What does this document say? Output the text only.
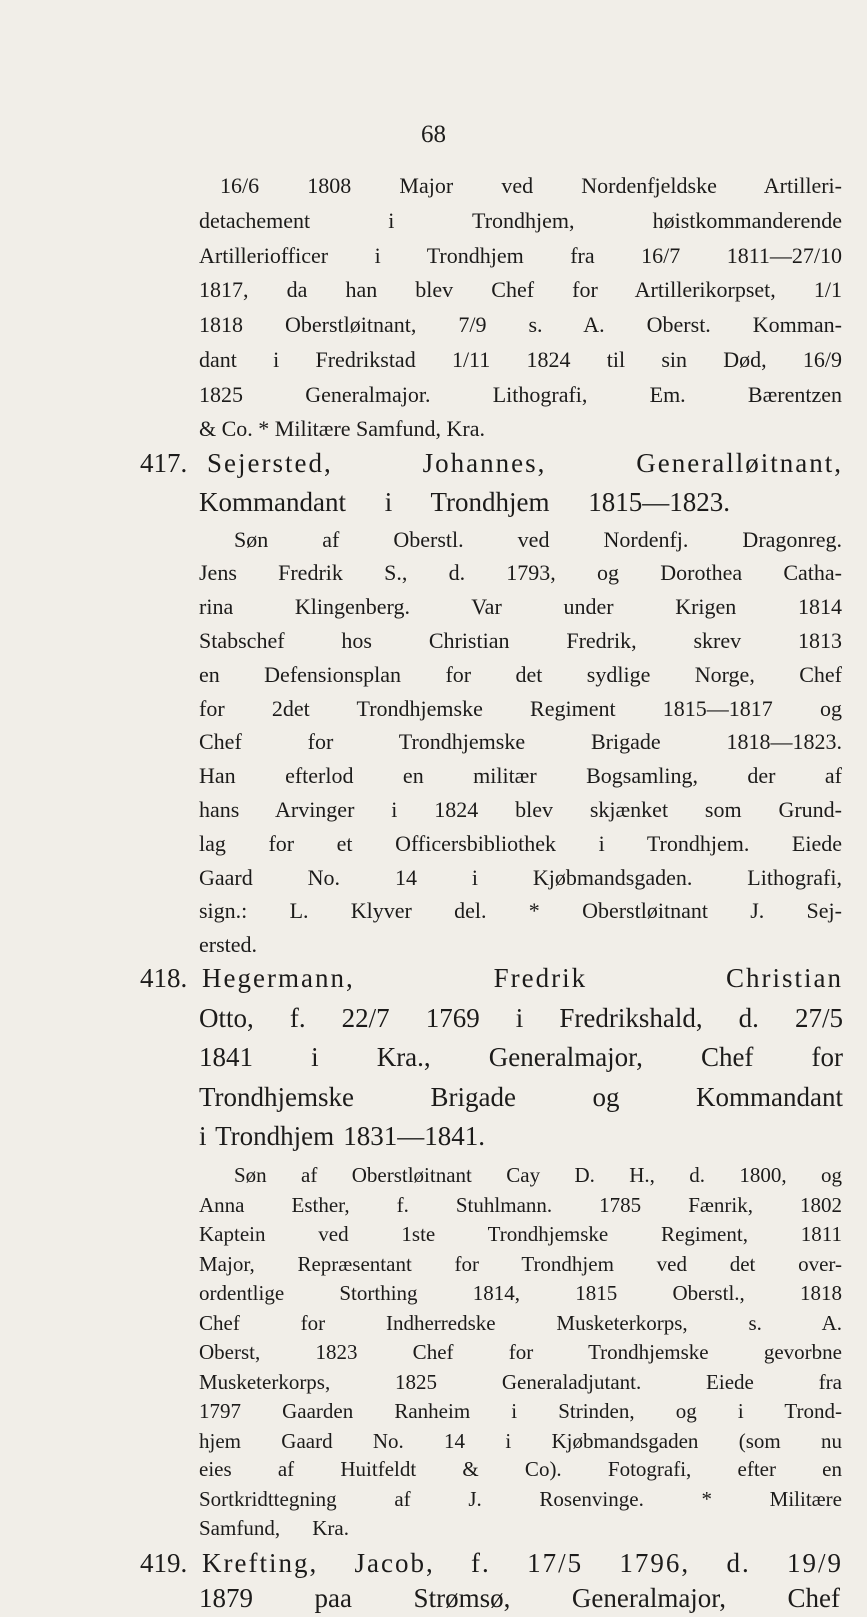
68

16/6 1808 Major ved Nordenfjeldske Artilleri-

detachement i Trondhjem, høistkommanderende

Artilleriofficer i Trondhjem fra 16/7 1811—27/10

1817, da han blev Chef for Artillerikorpset, 1/1

1818 Oberstløitnant, 7/9 s. A. Oberst. Komman-

dant i Fredrikstad 1/11 1824 til sin Død, 16/9

1825 Generalmajor. Lithografi, Em. Bærentzen

& Co. * Militære Samfund, Kra.

417. Sejersted, Johannes, Generalløitnant,

Kommandant i Trondhjem 1815—1823.

Søn af Oberstl. ved Nordenfj. Dragonreg.

Jens Fredrik S., d. 1793, og Dorothea Catha-

rina Klingenberg. Var under Krigen 1814

Stabschef hos Christian Fredrik, skrev 1813

en Defensionsplan for det sydlige Norge, Chef

for 2det Trondhjemske Regiment 1815—1817 og

Chef for Trondhjemske Brigade 1818—1823.

Han efterlod en militær Bogsamling, der af

hans Arvinger i 1824 blev skjænket som Grund-

lag for et Officersbibliothek i Trondhjem. Eiede

Gaard No. 14 i Kjøbmandsgaden. Lithografi,

sign.: L. Klyver del. * Oberstløitnant J. Sej-

ersted.

418. Hegermann, Fredrik Christian

Otto, f. 22/7 1769 i Fredrikshald, d. 27/5

1841 i Kra., Generalmajor, Chef for

Trondhjemske Brigade og Kommandant

i Trondhjem 1831—1841.

Søn af Oberstløitnant Cay D. H., d. 1800, og

Anna Esther, f. Stuhlmann. 1785 Fænrik, 1802

Kaptein ved 1ste Trondhjemske Regiment, 1811

Major, Repræsentant for Trondhjem ved det over-

ordentlige Storthing 1814, 1815 Oberstl., 1818

Chef for Indherredske Musketerkorps, s. A.

Oberst, 1823 Chef for Trondhjemske gevorbne

Musketerkorps, 1825 Generaladjutant. Eiede fra

1797 Gaarden Ranheim i Strinden, og i Trond-

hjem Gaard No. 14 i Kjøbmandsgaden (som nu

eies af Huitfeldt & Co). Fotografi, efter en

Sortkridttegning af J. Rosenvinge. * Militære

Samfund, Kra.

419. Krefting, Jacob, f. 17/5 1796, d. 19/9

1879 paa Strømsø, Generalmajor, Chef
